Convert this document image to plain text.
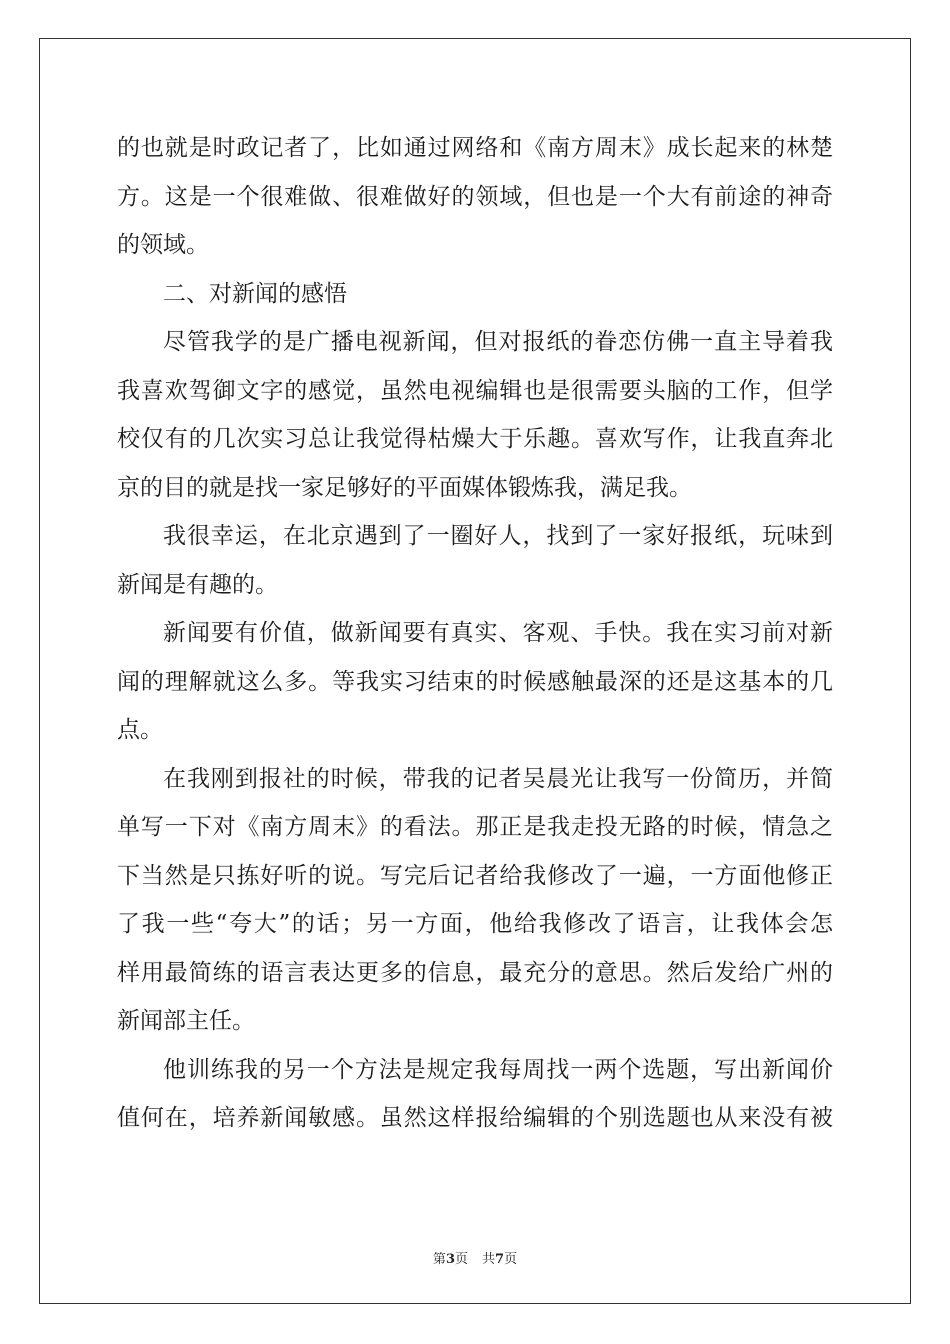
的也就是时政记者了，比如通过网络和《南方周末》成长起来的林楚
方。这是一个很难做、很难做好的领域，但也是一个大有前途的神奇
的领域。
二、对新闻的感悟
尽管我学的是广播电视新闻，但对报纸的眷恋仿佛一直主导着我
我喜欢驾御文字的感觉，虽然电视编辑也是很需要头脑的工作，但学
校仅有的几次实习总让我觉得枯燥大于乐趣。喜欢写作，让我直奔北
京的目的就是找一家足够好的平面媒体锻炼我，满足我。
我很幸运，在北京遇到了一圈好人，找到了一家好报纸，玩味到
新闻是有趣的。
新闻要有价值，做新闻要有真实、客观、手快。我在实习前对新
闻的理解就这么多。等我实习结束的时候感触最深的还是这基本的几
点。
在我刚到报社的时候，带我的记者吴晨光让我写一份简历，并简
单写一下对《南方周末》的看法。那正是我走投无路的时候，情急之
下当然是只拣好听的说。写完后记者给我修改了一遍，一方面他修正
了我一些“夸大”的话；另一方面，他给我修改了语言，让我体会怎
样用最简练的语言表达更多的信息，最充分的意思。然后发给广州的
新闻部主任。
他训练我的另一个方法是规定我每周找一两个选题，写出新闻价
值何在，培养新闻敏感。虽然这样报给编辑的个别选题也从来没有被
第3页 共7页
